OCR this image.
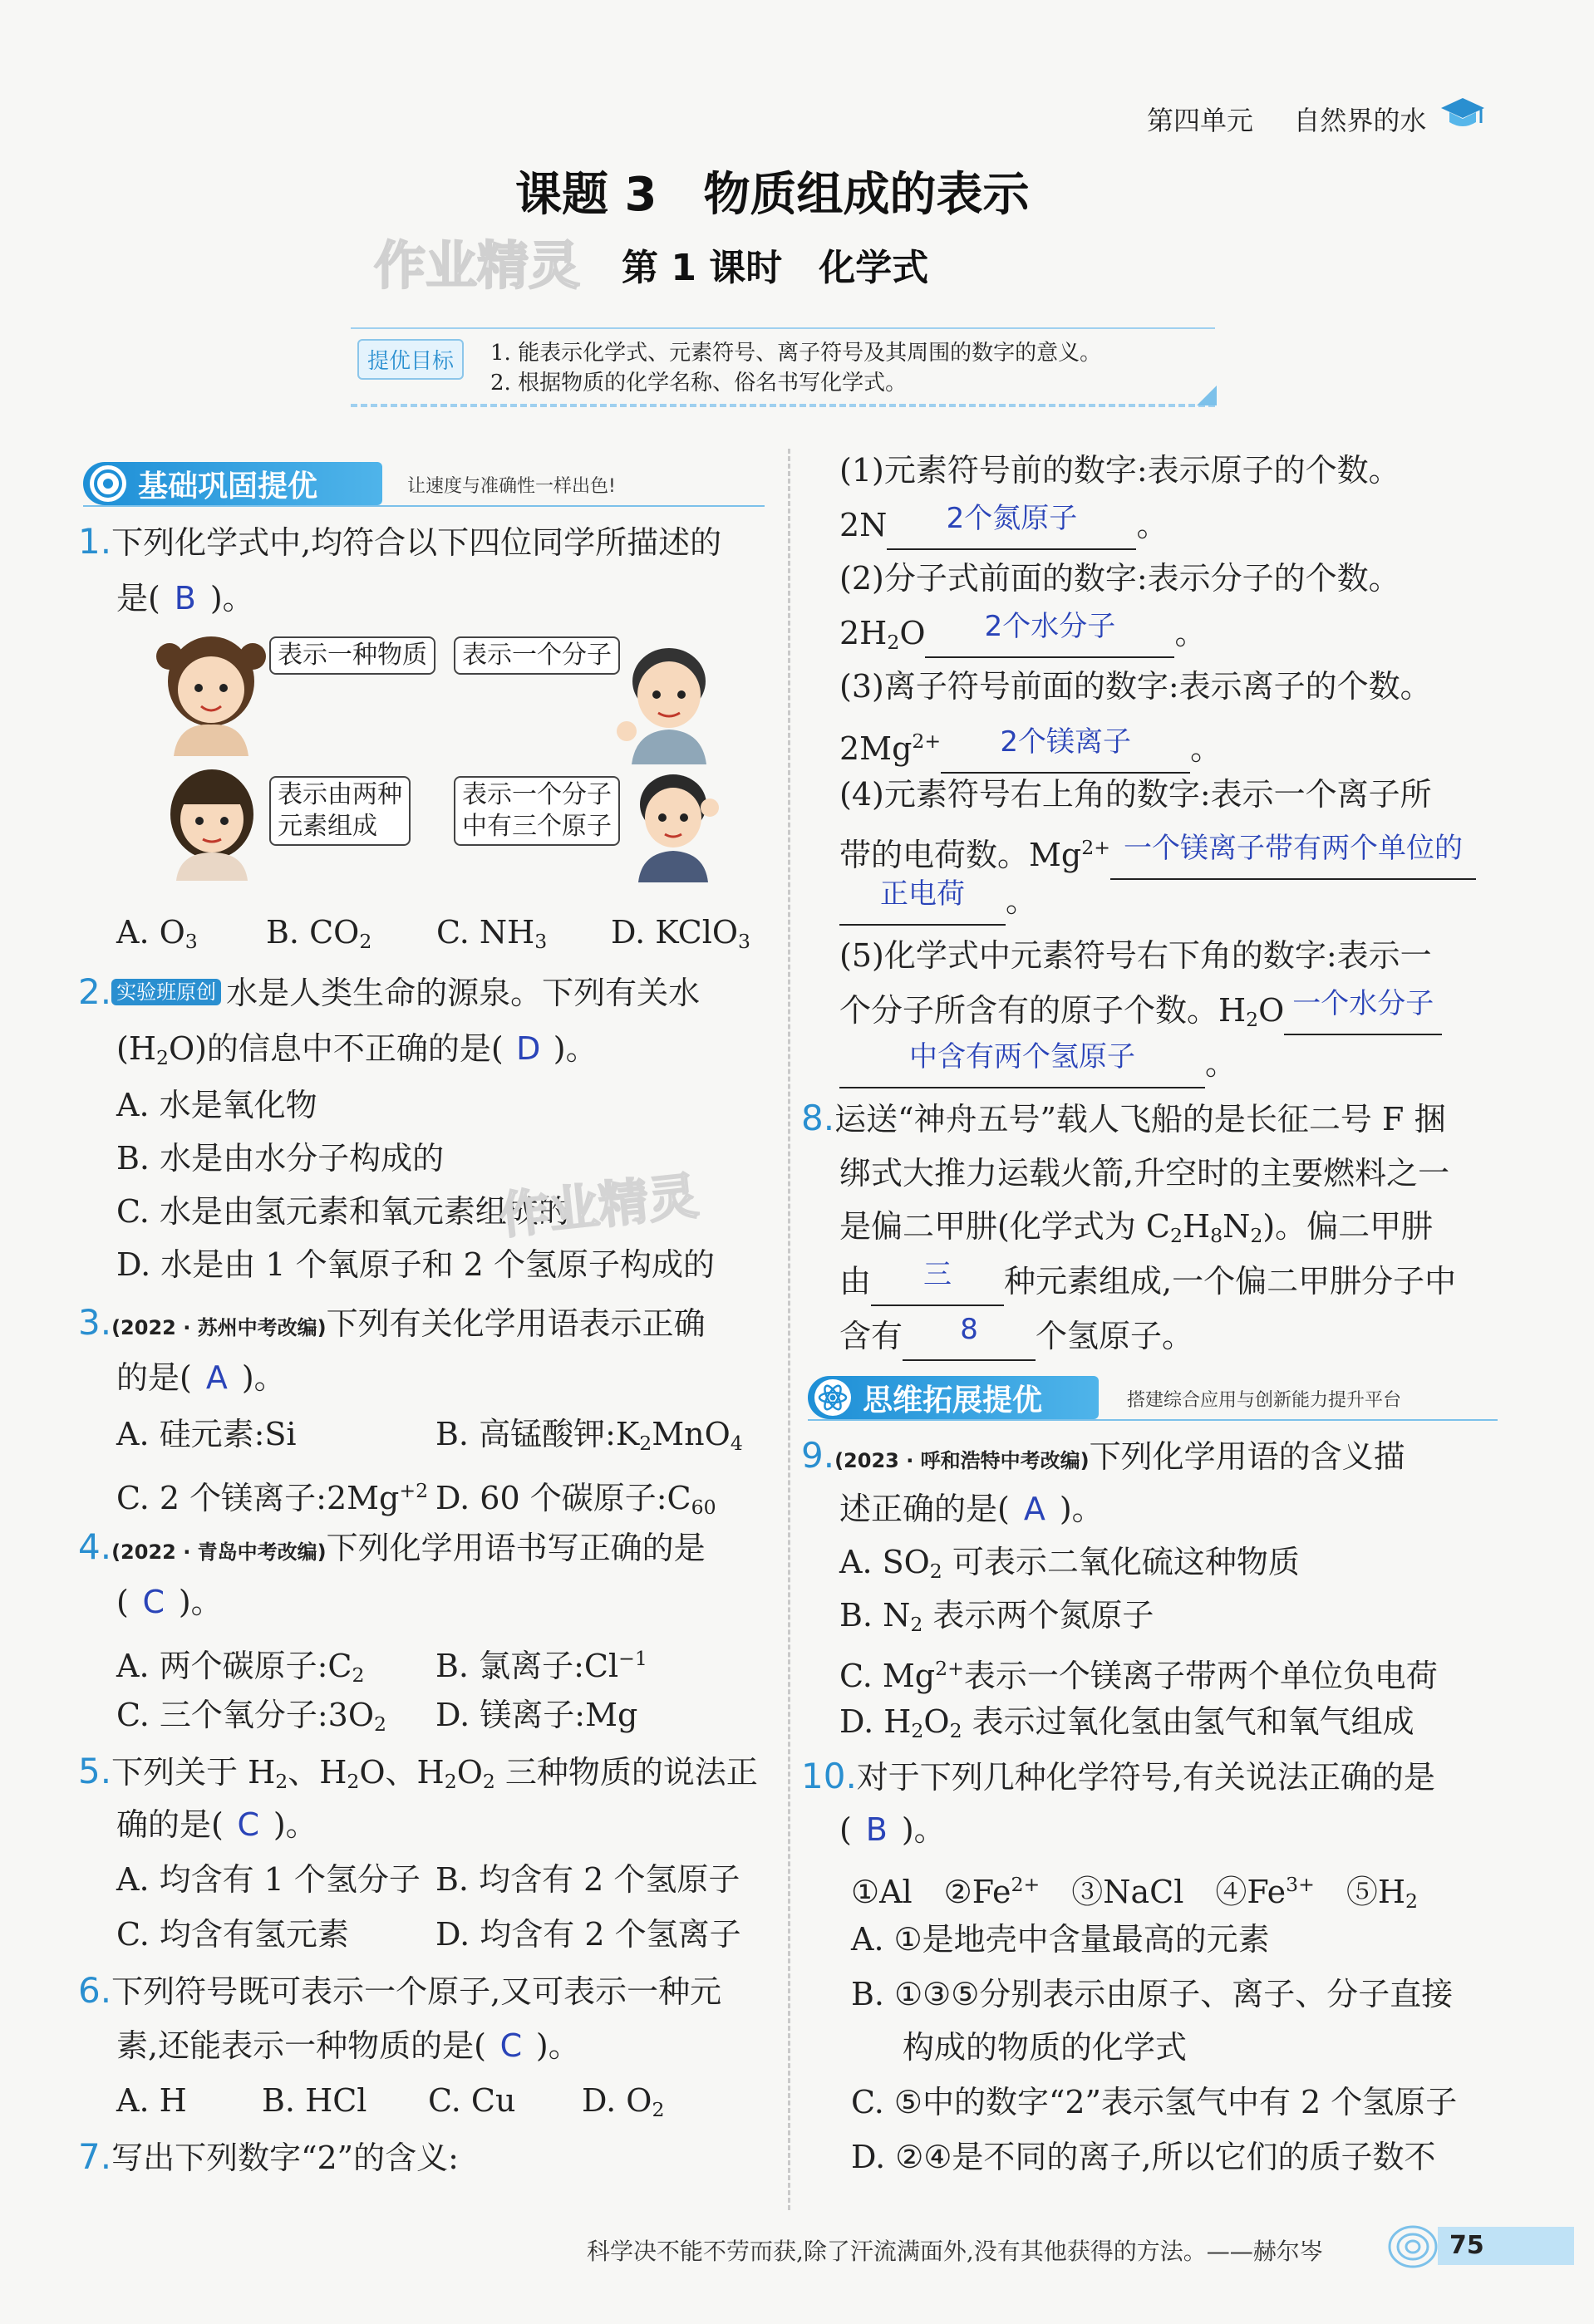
第四单元 自然界的水
课题 3　物质组成的表示
作业精灵 第 1 课时　化学式
提优目标	1. 能表示化学式、元素符号、离子符号及其周围的数字的意义。
2. 根据物质的化学名称、俗名书写化学式。
基础巩固提优	让速度与准确性一样出色!
1.下列化学式中,均符合以下四位同学所描述的
是( B )。
表示一种物质	表示一个分子
表示由两种
元素组成
表示一个分子
中有三个原子
A. $O_3$ B. $CO_2$ C. $NH_3$ D. KClO$_3$
2. 实验班原创 水是人类生命的源泉。下列有关水
$(H_2O)$的信息中不正确的是( D )。
A. 水是氧化物
B. 水是由水分子构成的
C. 水是由氢元素和氧元素组成的
D. 水是由 1 个氧原子和 2 个氢原子构成的
作业精灵
3.(2022 · 苏州中考改编)下列有关化学用语表示正确
的是( A )。
A. 硅元素:Si	B. 高锰酸钾$:K_2MnO_4$
C. 2 个镁离子$:2Mg^{+2}$ D. 60 个碳原子$:C_{60}$
4.(2022 · 青岛中考改编)下列化学用语书写正确的是
( C )。
A. 两个碳原子$:C_2$ B. 氯离子$:Cl^{-1}$
C. 三个氧分子$:3O_2$ D. 镁离子:Mg
5.下列关于 $H_2$、$H_2O$、$H_2O_2$ 三种物质的说法正
确的是( C )。
A. 均含有 1 个氢分子 B. 均含有 2 个氢原子
C. 均含有氢元素	D. 均含有 2 个氢离子
6.下列符号既可表示一个原子,又可表示一种元
素,还能表示一种物质的是( C )。
A. H B. HCl C. Cu D. $O_2$
7.写出下列数字“2”的含义:
(1)元素符号前的数字:表示原子的个数。
2N 2个氮原子 。
(2)分子式前面的数字:表示分子的个数。
$2H_2O$ 2个水分子 。
(3)离子符号前面的数字:表示离子的个数。
$2Mg^{2+}$ 2个镁离子 。
(4)元素符号右上角的数字:表示一个离子所
带的电荷数。$Mg^{2+}$ 一个镁离子带有两个单位的
正电荷 。
(5)化学式中元素符号右下角的数字:表示一
个分子所含有的原子个数。$H_2O$ 一个水分子
中含有两个氢原子 。
8.运送“神舟五号”载人飞船的是长征二号 F 捆
绑式大推力运载火箭,升空时的主要燃料之一
是偏二甲肼(化学式为 $C_2H_8N_2$)。偏二甲肼
由 三 种元素组成,一个偏二甲肼分子中
含有 8 个氢原子。
思维拓展提优	搭建综合应用与创新能力提升平台
9.(2023 · 呼和浩特中考改编)下列化学用语的含义描
述正确的是( A )。
A. $SO_2$ 可表示二氧化硫这种物质
B. $N_2$ 表示两个氮原子
C. $Mg^{2+}$表示一个镁离子带两个单位负电荷
D. $H_2O_2$ 表示过氧化氢由氢气和氧气组成
10.对于下列几种化学符号,有关说法正确的是
( B )。
①Al　$②Fe^{2+}$　③NaCl　$④Fe^{3+}$　$⑤H_2$
A. ①是地壳中含量最高的元素
B. ①③⑤分别表示由原子、离子、分子直接
构成的物质的化学式
C. ⑤中的数字“2”表示氢气中有 2 个氢原子
D. ②④是不同的离子,所以它们的质子数不
科学决不能不劳而获,除了汗流满面外,没有其他获得的方法。——赫尔岑	75
